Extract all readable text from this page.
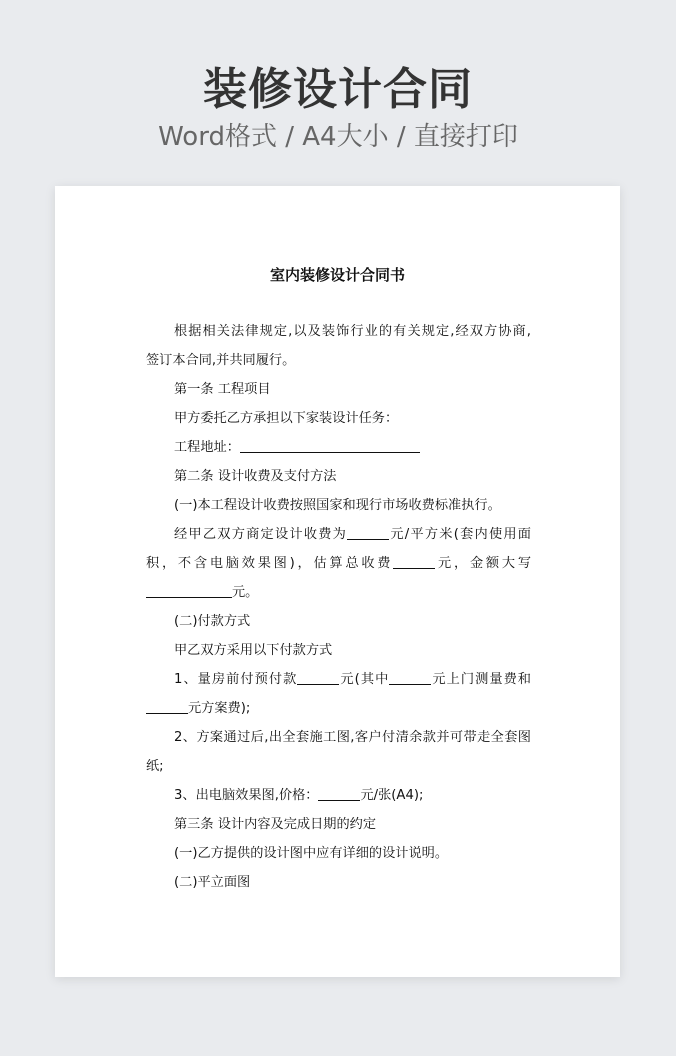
装修设计合同
Word格式 / A4大小 / 直接打印
室内装修设计合同书
根据相关法律规定,以及装饰行业的有关规定,经双方协商,
签订本合同,并共同履行。

第一条 工程项目

甲方委托乙方承担以下家装设计任务：

工程地址：

第二条 设计收费及支付方法

(一)本工程设计收费按照国家和现行市场收费标准执行。

经甲乙双方商定设计收费为	元/平方米(套内使用面
积，不含电脑效果图)，估算总收费	元，金额大写
元。

(二)付款方式

甲乙双方采用以下付款方式

1、量房前付预付款	元(其中	元上门测量费和
元方案费);
2、方案通过后,出全套施工图,客户付清余款并可带走全套图
纸;

3、出电脑效果图,价格：	元/张(A4);

第三条 设计内容及完成日期的约定

(一)乙方提供的设计图中应有详细的设计说明。

(二)平立面图
